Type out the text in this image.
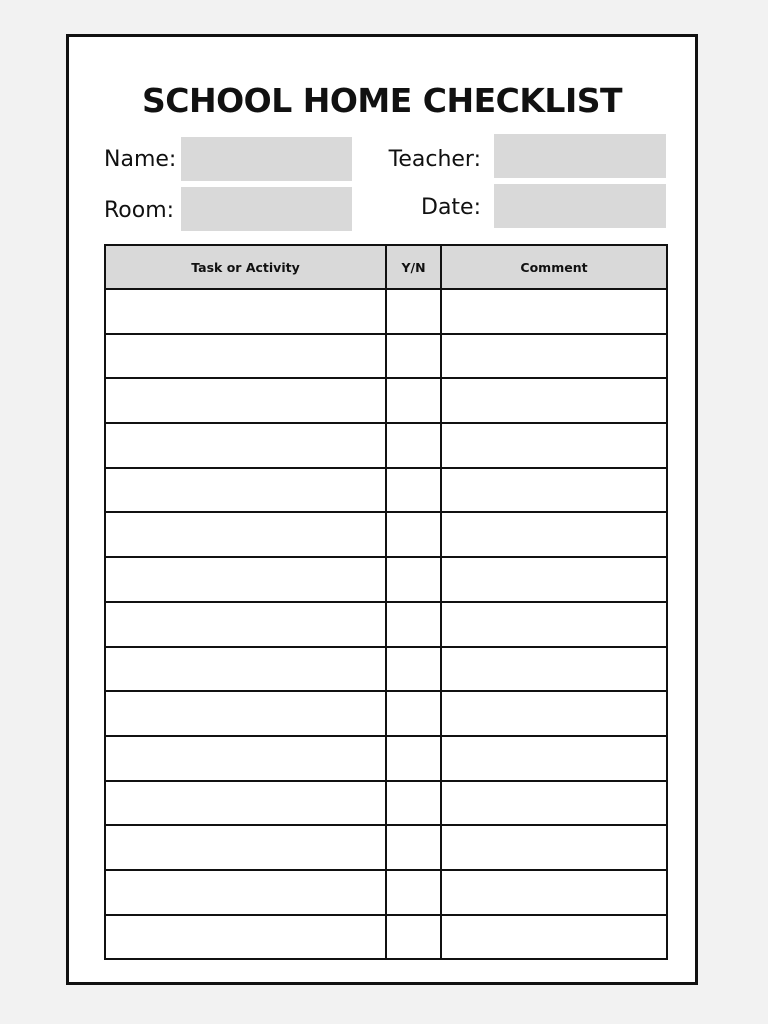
SCHOOL HOME CHECKLIST
Name:	Teacher:
Room:	Date:
Task or Activity	Y/N	Comment
